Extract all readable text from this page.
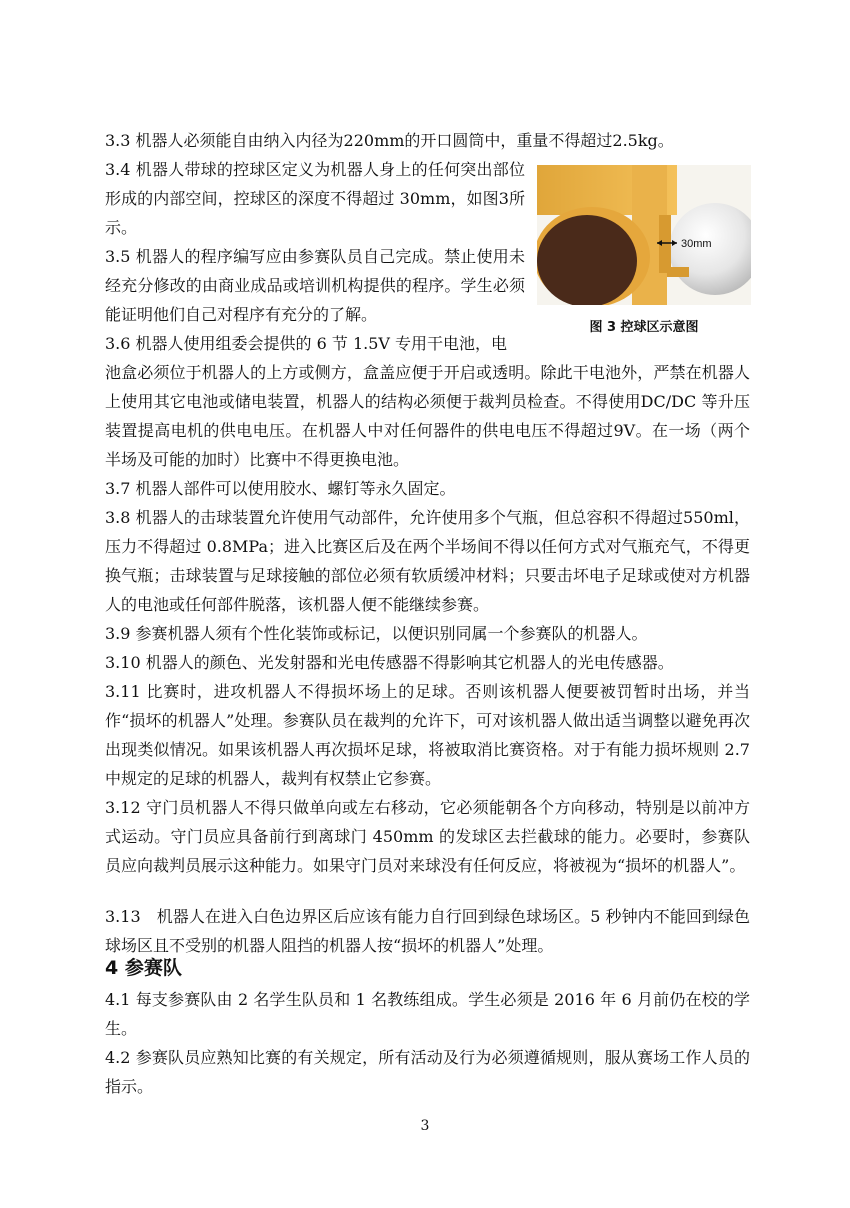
3.3 机器人必须能自由纳入内径为220mm的开口圆筒中，重量不得超过2.5kg。

3.4 机器人带球的控球区定义为机器人身上的任何突出部位形成的内部空间，控球区的深度不得超过 30mm，如图3所示。

3.5 机器人的程序编写应由参赛队员自己完成。禁止使用未经充分修改的由商业成品或培训机构提供的程序。学生必须能证明他们自己对程序有充分的了解。

3.6 机器人使用组委会提供的 6 节 1.5V 专用干电池，电

池盒必须位于机器人的上方或侧方，盒盖应便于开启或透明。除此干电池外，严禁在机器人上使用其它电池或储电装置，机器人的结构必须便于裁判员检查。不得使用DC/DC 等升压装置提高电机的供电电压。在机器人中对任何器件的供电电压不得超过9V。在一场（两个半场及可能的加时）比赛中不得更换电池。

3.7 机器人部件可以使用胶水、螺钉等永久固定。

3.8 机器人的击球装置允许使用气动部件，允许使用多个气瓶，但总容积不得超过550ml，压力不得超过 0.8MPa；进入比赛区后及在两个半场间不得以任何方式对气瓶充气，不得更换气瓶；击球装置与足球接触的部位必须有软质缓冲材料；只要击坏电子足球或使对方机器人的电池或任何部件脱落，该机器人便不能继续参赛。

3.9 参赛机器人须有个性化装饰或标记，以便识别同属一个参赛队的机器人。

3.10 机器人的颜色、光发射器和光电传感器不得影响其它机器人的光电传感器。

3.11 比赛时，进攻机器人不得损坏场上的足球。否则该机器人便要被罚暂时出场，并当作“损坏的机器人”处理。参赛队员在裁判的允许下，可对该机器人做出适当调整以避免再次出现类似情况。如果该机器人再次损坏足球，将被取消比赛资格。对于有能力损坏规则 2.7 中规定的足球的机器人，裁判有权禁止它参赛。

3.12 守门员机器人不得只做单向或左右移动，它必须能朝各个方向移动，特别是以前冲方式运动。守门员应具备前行到离球门 450mm 的发球区去拦截球的能力。必要时，参赛队员应向裁判员展示这种能力。如果守门员对来球没有任何反应，将被视为“损坏的机器人”。

3.13　机器人在进入白色边界区后应该有能力自行回到绿色球场区。5 秒钟内不能回到绿色球场区且不受别的机器人阻挡的机器人按“损坏的机器人”处理。

4 参赛队

4.1 每支参赛队由 2 名学生队员和 1 名教练组成。学生必须是 2016 年 6 月前仍在校的学生。

4.2 参赛队员应熟知比赛的有关规定，所有活动及行为必须遵循规则，服从赛场工作人员的指示。

30mm
图 3 控球区示意图
3
